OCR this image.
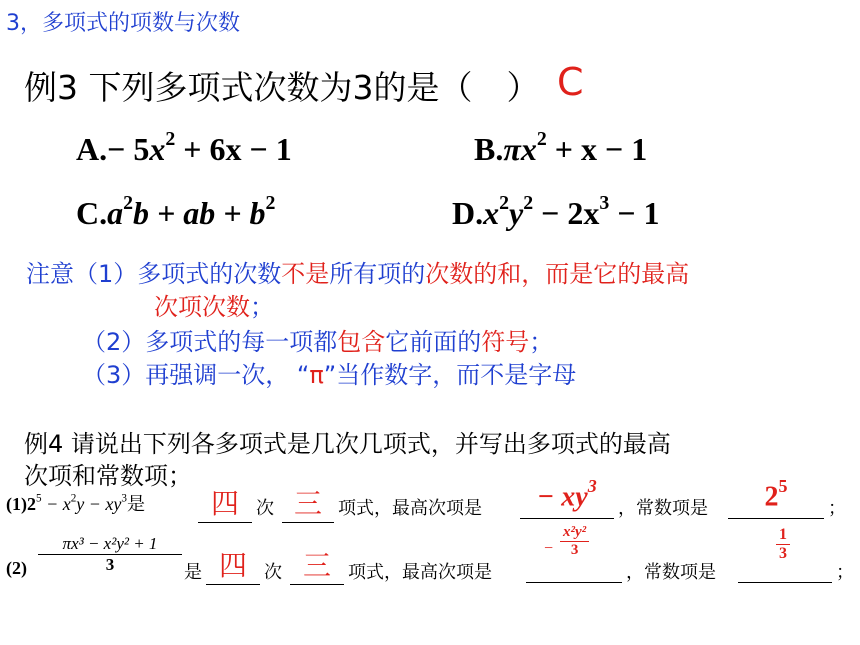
3，多项式的项数与次数
例3 下列多项式次数为3的是（ ） C
$A.- 5x^2 + 6x - 1$	$B.\pi x^2 + x - 1$
$C.a^2b$ + ab + $b^2$	$D.x^2y^2 - 2x^3 - 1$
注意（1）多项式的次数不是所有项的次数的和，而是它的最高
次项次数；
（2）多项式的每一项都包含它前面的符号；
（3）再强调一次， “π”当作数字，而不是字母
例4 请说出下列各多项式是几次几项式，并写出多项式的最高
次项和常数项；
$(1)2^5 - x^2y - xy^3$是	四 次 三 项式，最高次项是	− xy3
，常数项是	25
；
$(2) \frac{\text{πx³ − x²y² + 1}}{3}$ 是 四 次 三 项式，最高次项是
− $\frac{\text{x²y²}}{3}$
，常数项是
$\frac{1}{3}$
；
